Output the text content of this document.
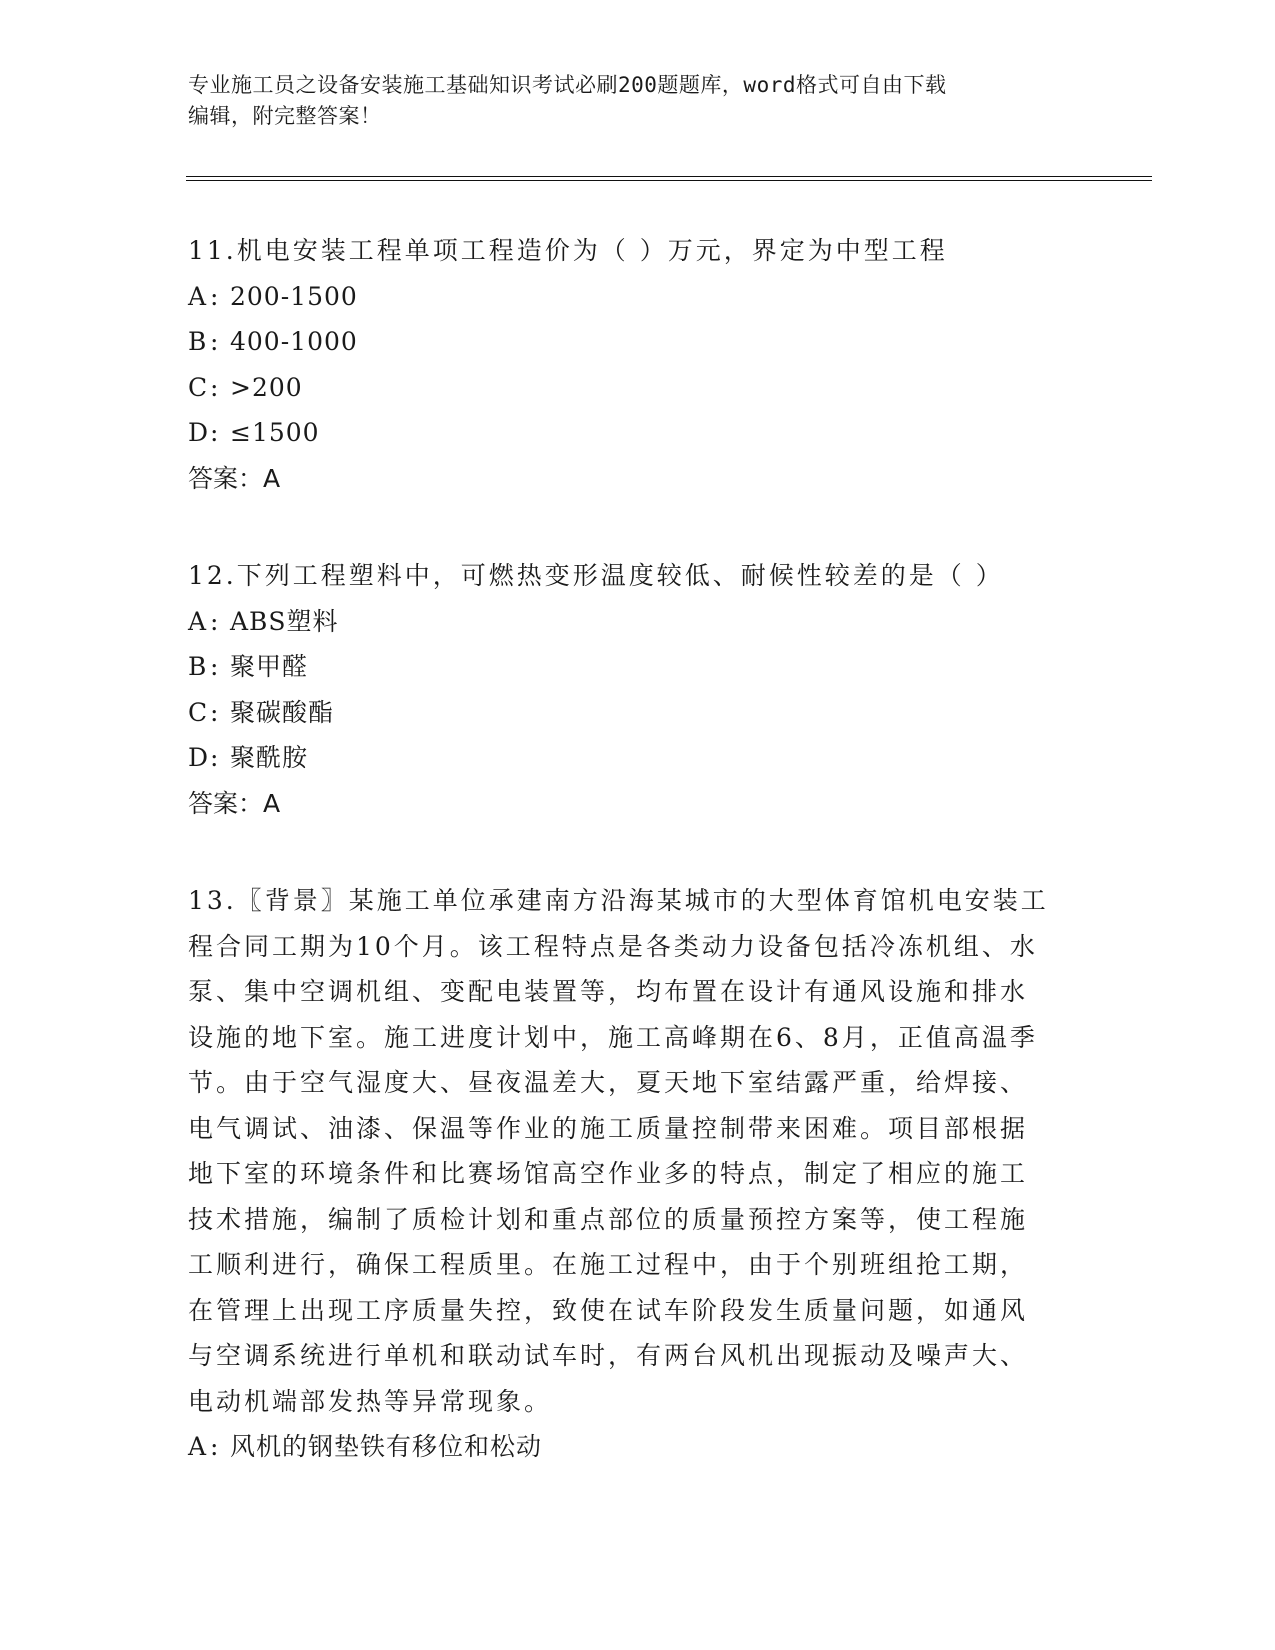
专业施工员之设备安装施工基础知识考试必刷200题题库，word格式可自由下载
编辑，附完整答案！
11.机电安装工程单项工程造价为（ ）万元，界定为中型工程
A : 200-1500
B : 400-1000
C: >200
D: ≤1500
答案：A
12.下列工程塑料中，可燃热变形温度较低、耐候性较差的是（ ）
A : ABS塑料
B : 聚甲醛
C: 聚碳酸酯
D: 聚酰胺
答案：A
13.〖背景〗某施工单位承建南方沿海某城市的大型体育馆机电安装工
程合同工期为10个月。该工程特点是各类动力设备包括冷冻机组、水
泵、集中空调机组、变配电装置等，均布置在设计有通风设施和排水
设施的地下室。施工进度计划中，施工高峰期在6、8月，正值高温季
节。由于空气湿度大、昼夜温差大，夏天地下室结露严重，给焊接、
电气调试、油漆、保温等作业的施工质量控制带来困难。项目部根据
地下室的环境条件和比赛场馆高空作业多的特点，制定了相应的施工
技术措施，编制了质检计划和重点部位的质量预控方案等，使工程施
工顺利进行，确保工程质里。在施工过程中，由于个别班组抢工期，
在管理上出现工序质量失控，致使在试车阶段发生质量问题，如通风
与空调系统进行单机和联动试车时，有两台风机出现振动及噪声大、
电动机端部发热等异常现象。
A : 风机的钢垫铁有移位和松动
